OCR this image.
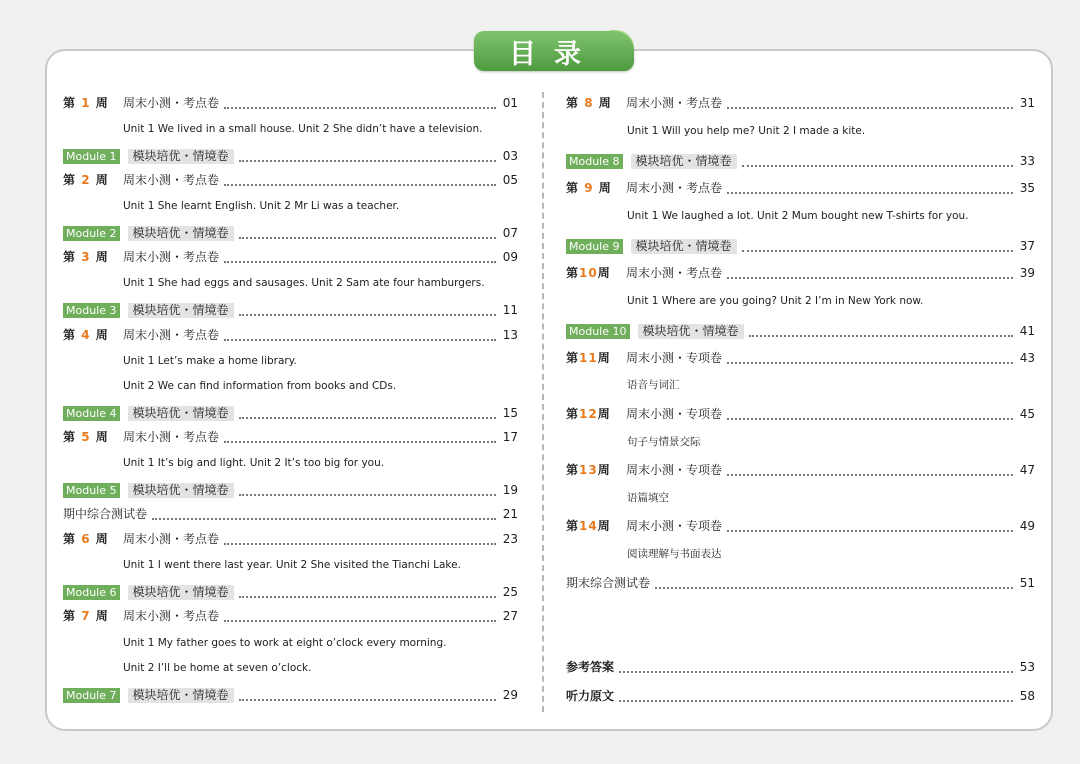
目录
第 1 周	周末小测・考点卷	01
Unit 1 We lived in a small house. Unit 2 She didn’t have a television.
Module 1	模块培优・情境卷	03
第 2 周	周末小测・考点卷	05
Unit 1 She learnt English. Unit 2 Mr Li was a teacher.
Module 2	模块培优・情境卷	07
第 3 周	周末小测・考点卷	09
Unit 1 She had eggs and sausages. Unit 2 Sam ate four hamburgers.
Module 3	模块培优・情境卷	11
第 4 周	周末小测・考点卷	13
Unit 1 Let’s make a home library.
Unit 2 We can find information from books and CDs.
Module 4	模块培优・情境卷	15
第 5 周	周末小测・考点卷	17
Unit 1 It’s big and light. Unit 2 It’s too big for you.
Module 5	模块培优・情境卷	19
期中综合测试卷	21
第 6 周	周末小测・考点卷	23
Unit 1 I went there last year. Unit 2 She visited the Tianchi Lake.
Module 6	模块培优・情境卷	25
第 7 周	周末小测・考点卷	27
Unit 1 My father goes to work at eight o’clock every morning.
Unit 2 I’ll be home at seven o’clock.
Module 7	模块培优・情境卷	29
第 8 周	周末小测・考点卷	31
Unit 1 Will you help me? Unit 2 I made a kite.
Module 8	模块培优・情境卷	33
第 9 周	周末小测・考点卷	35
Unit 1 We laughed a lot. Unit 2 Mum bought new T-shirts for you.
Module 9	模块培优・情境卷	37
第10周	周末小测・考点卷	39
Unit 1 Where are you going? Unit 2 I’m in New York now.
Module 10	模块培优・情境卷	41
第11周	周末小测・专项卷	43
语音与词汇
第12周	周末小测・专项卷	45
句子与情景交际
第13周	周末小测・专项卷	47
语篇填空
第14周	周末小测・专项卷	49
阅读理解与书面表达
期末综合测试卷	51
参考答案	53
听力原文	58
